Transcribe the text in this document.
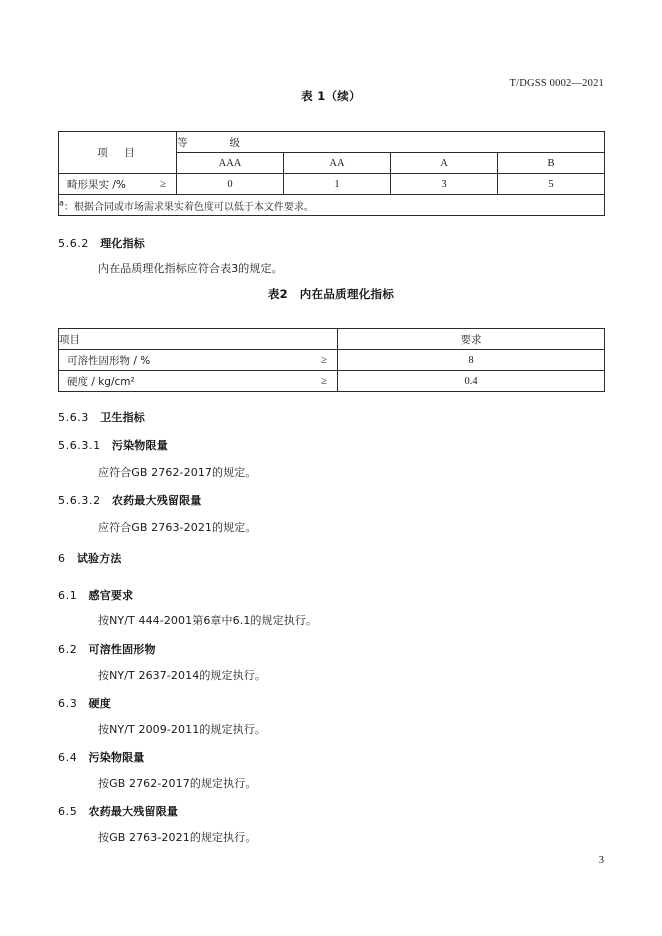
T/DGSS 0002—2021
表 1（续）
项　目	等　　级			
	AAA	AA	A	B

畸形果实 /% ≥	0	1	3	5
$^a$：根据合同或市场需求果实着色度可以低于本文件要求。				
5.6.2　 理化指标
内在品质理化指标应符合表3的规定。
表2　内在品质理化指标
项目	要求

可溶性固形物 / % ≥	8

硬度 / kg/cm² ≥	0.4
5.6.3　 卫生指标
5.6.3.1　 污染物限量
应符合GB 2762-2017的规定。
5.6.3.2　 农药最大残留限量
应符合GB 2763-2021的规定。
6　 试验方法
6.1　 感官要求
按NY/T 444-2001第6章中6.1的规定执行。
6.2　 可溶性固形物
按NY/T 2637-2014的规定执行。
6.3　 硬度
按NY/T 2009-2011的规定执行。
6.4　 污染物限量
按GB 2762-2017的规定执行。
6.5　 农药最大残留限量
按GB 2763-2021的规定执行。
3
